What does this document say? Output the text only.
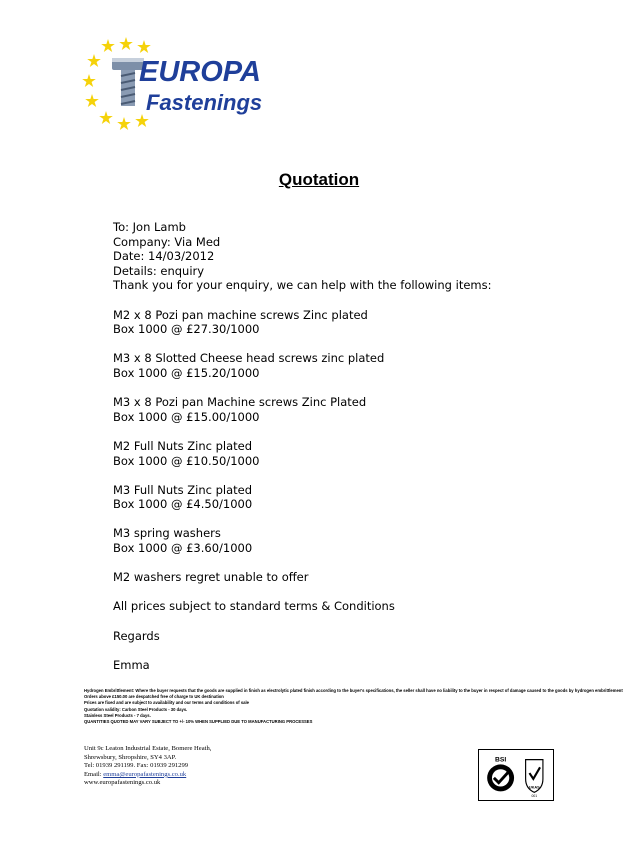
EUROPA
Fastenings
Quotation
To: Jon Lamb
Company: Via Med
Date: 14/03/2012
Details: enquiry
Thank you for your enquiry, we can help with the following items:
M2 x 8 Pozi pan machine screws Zinc plated
Box 1000 @ £27.30/1000
M3 x 8 Slotted Cheese head screws zinc plated
Box 1000 @ £15.20/1000
M3 x 8 Pozi pan Machine screws Zinc Plated
Box 1000 @ £15.00/1000
M2 Full Nuts Zinc plated
Box 1000 @ £10.50/1000
M3 Full Nuts Zinc plated
Box 1000 @ £4.50/1000
M3 spring washers
Box 1000 @ £3.60/1000
M2 washers regret unable to offer
All prices subject to standard terms & Conditions
Regards
Emma
Hydrogen Embrittlement: Where the buyer requests that the goods are supplied in finish as electrolytic plated finish according to the buyer's specifications, the seller shall have no liability to the buyer in respect of damage caused to the goods by hydrogen embrittlement
Orders above £150.00 are despatched free of charge to UK destination
Prices are fixed and are subject to availability and our terms and conditions of sale
Quotation validity: Carbon Steel Products - 30 days.
Stainless Steel Products - 7 days.
QUANTITIES QUOTED MAY VARY SUBJECT TO +/- 10% WHEN SUPPLIED DUE TO MANUFACTURING PROCESSES
Unit 9c Leaton Industrial Estate, Bomere Heath,
Shrewsbury, Shropshire, SY4 3AP.
Tel: 01939 291199. Fax: 01939 291299
Email: emma@europafastenings.co.uk
www.europafastenings.co.uk
BSI
UKAS
001
